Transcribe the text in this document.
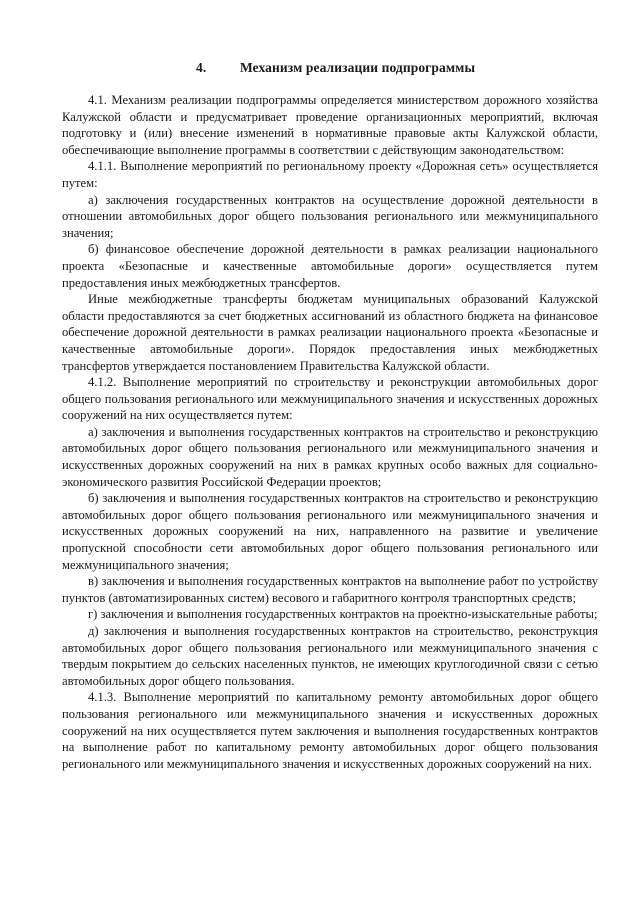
4. Механизм реализации подпрограммы

4.1. Механизм реализации подпрограммы определяется министерством дорожного хозяйства Калужской области и предусматривает проведение организационных мероприятий, включая подготовку и (или) внесение изменений в нормативные правовые акты Калужской области, обеспечивающие выполнение программы в соответствии с действующим законодательством:

4.1.1. Выполнение мероприятий по региональному проекту «Дорожная сеть» осуществляется путем:

а) заключения государственных контрактов на осуществление дорожной деятельности в отношении автомобильных дорог общего пользования регионального или межмуниципального значения;

б) финансовое обеспечение дорожной деятельности в рамках реализации национального проекта «Безопасные и качественные автомобильные дороги» осуществляется путем предоставления иных межбюджетных трансфертов.

Иные межбюджетные трансферты бюджетам муниципальных образований Калужской области предоставляются за счет бюджетных ассигнований из областного бюджета на финансовое обеспечение дорожной деятельности в рамках реализации национального проекта «Безопасные и качественные автомобильные дороги». Порядок предоставления иных межбюджетных трансфертов утверждается постановлением Правительства Калужской области.

4.1.2. Выполнение мероприятий по строительству и реконструкции автомобильных дорог общего пользования регионального или межмуниципального значения и искусственных дорожных сооружений на них осуществляется путем:

а) заключения и выполнения государственных контрактов на строительство и реконструкцию автомобильных дорог общего пользования регионального или межмуниципального значения и искусственных дорожных сооружений на них в рамках крупных особо важных для социально-экономического развития Российской Федерации проектов;

б) заключения и выполнения государственных контрактов на строительство и реконструкцию автомобильных дорог общего пользования регионального или межмуниципального значения и искусственных дорожных сооружений на них, направленного на развитие и увеличение пропускной способности сети автомобильных дорог общего пользования регионального или межмуниципального значения;

в) заключения и выполнения государственных контрактов на выполнение работ по устройству пунктов (автоматизированных систем) весового и габаритного контроля транспортных средств;

г) заключения и выполнения государственных контрактов на проектно-изыскательные работы;

д) заключения и выполнения государственных контрактов на строительство, реконструкция автомобильных дорог общего пользования регионального или межмуниципального значения с твердым покрытием до сельских населенных пунктов, не имеющих круглогодичной связи с сетью автомобильных дорог общего пользования.

4.1.3. Выполнение мероприятий по капитальному ремонту автомобильных дорог общего пользования регионального или межмуниципального значения и искусственных дорожных сооружений на них осуществляется путем заключения и выполнения государственных контрактов на выполнение работ по капитальному ремонту автомобильных дорог общего пользования регионального или межмуниципального значения и искусственных дорожных сооружений на них.
